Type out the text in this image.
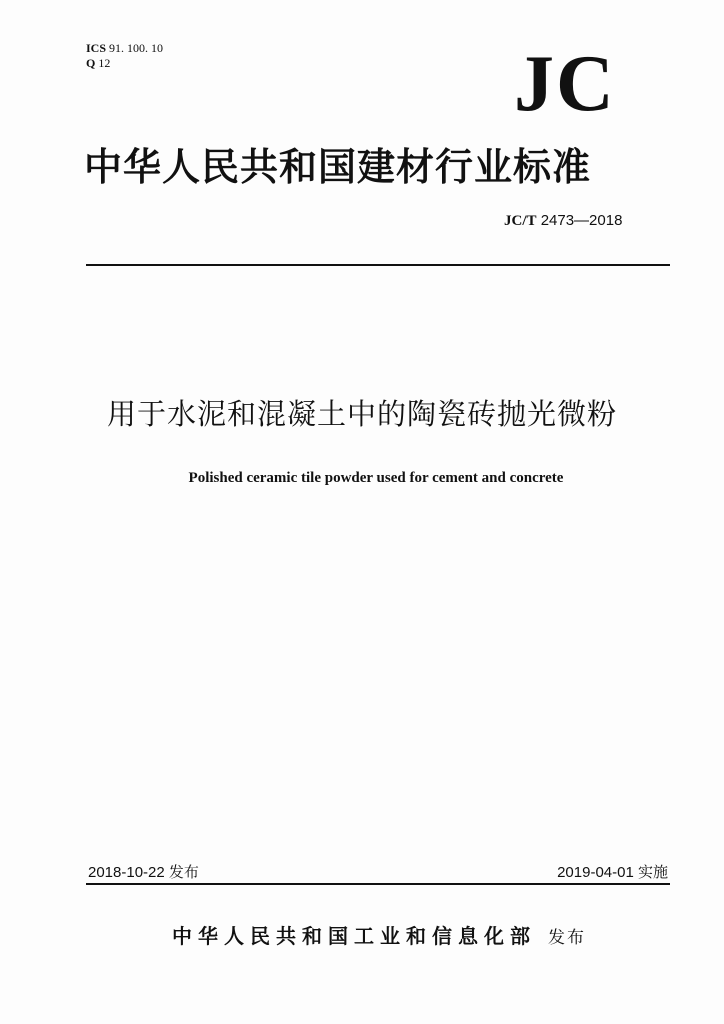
ICS 91. 100. 10
Q 12	JC
中华人民共和国建材行业标准
JC/T 2473—2018
用于水泥和混凝土中的陶瓷砖抛光微粉
Polished ceramic tile powder used for cement and concrete
2018-10-22 发布	2019-04-01 实施
中华人民共和国工业和信息化部 发布
